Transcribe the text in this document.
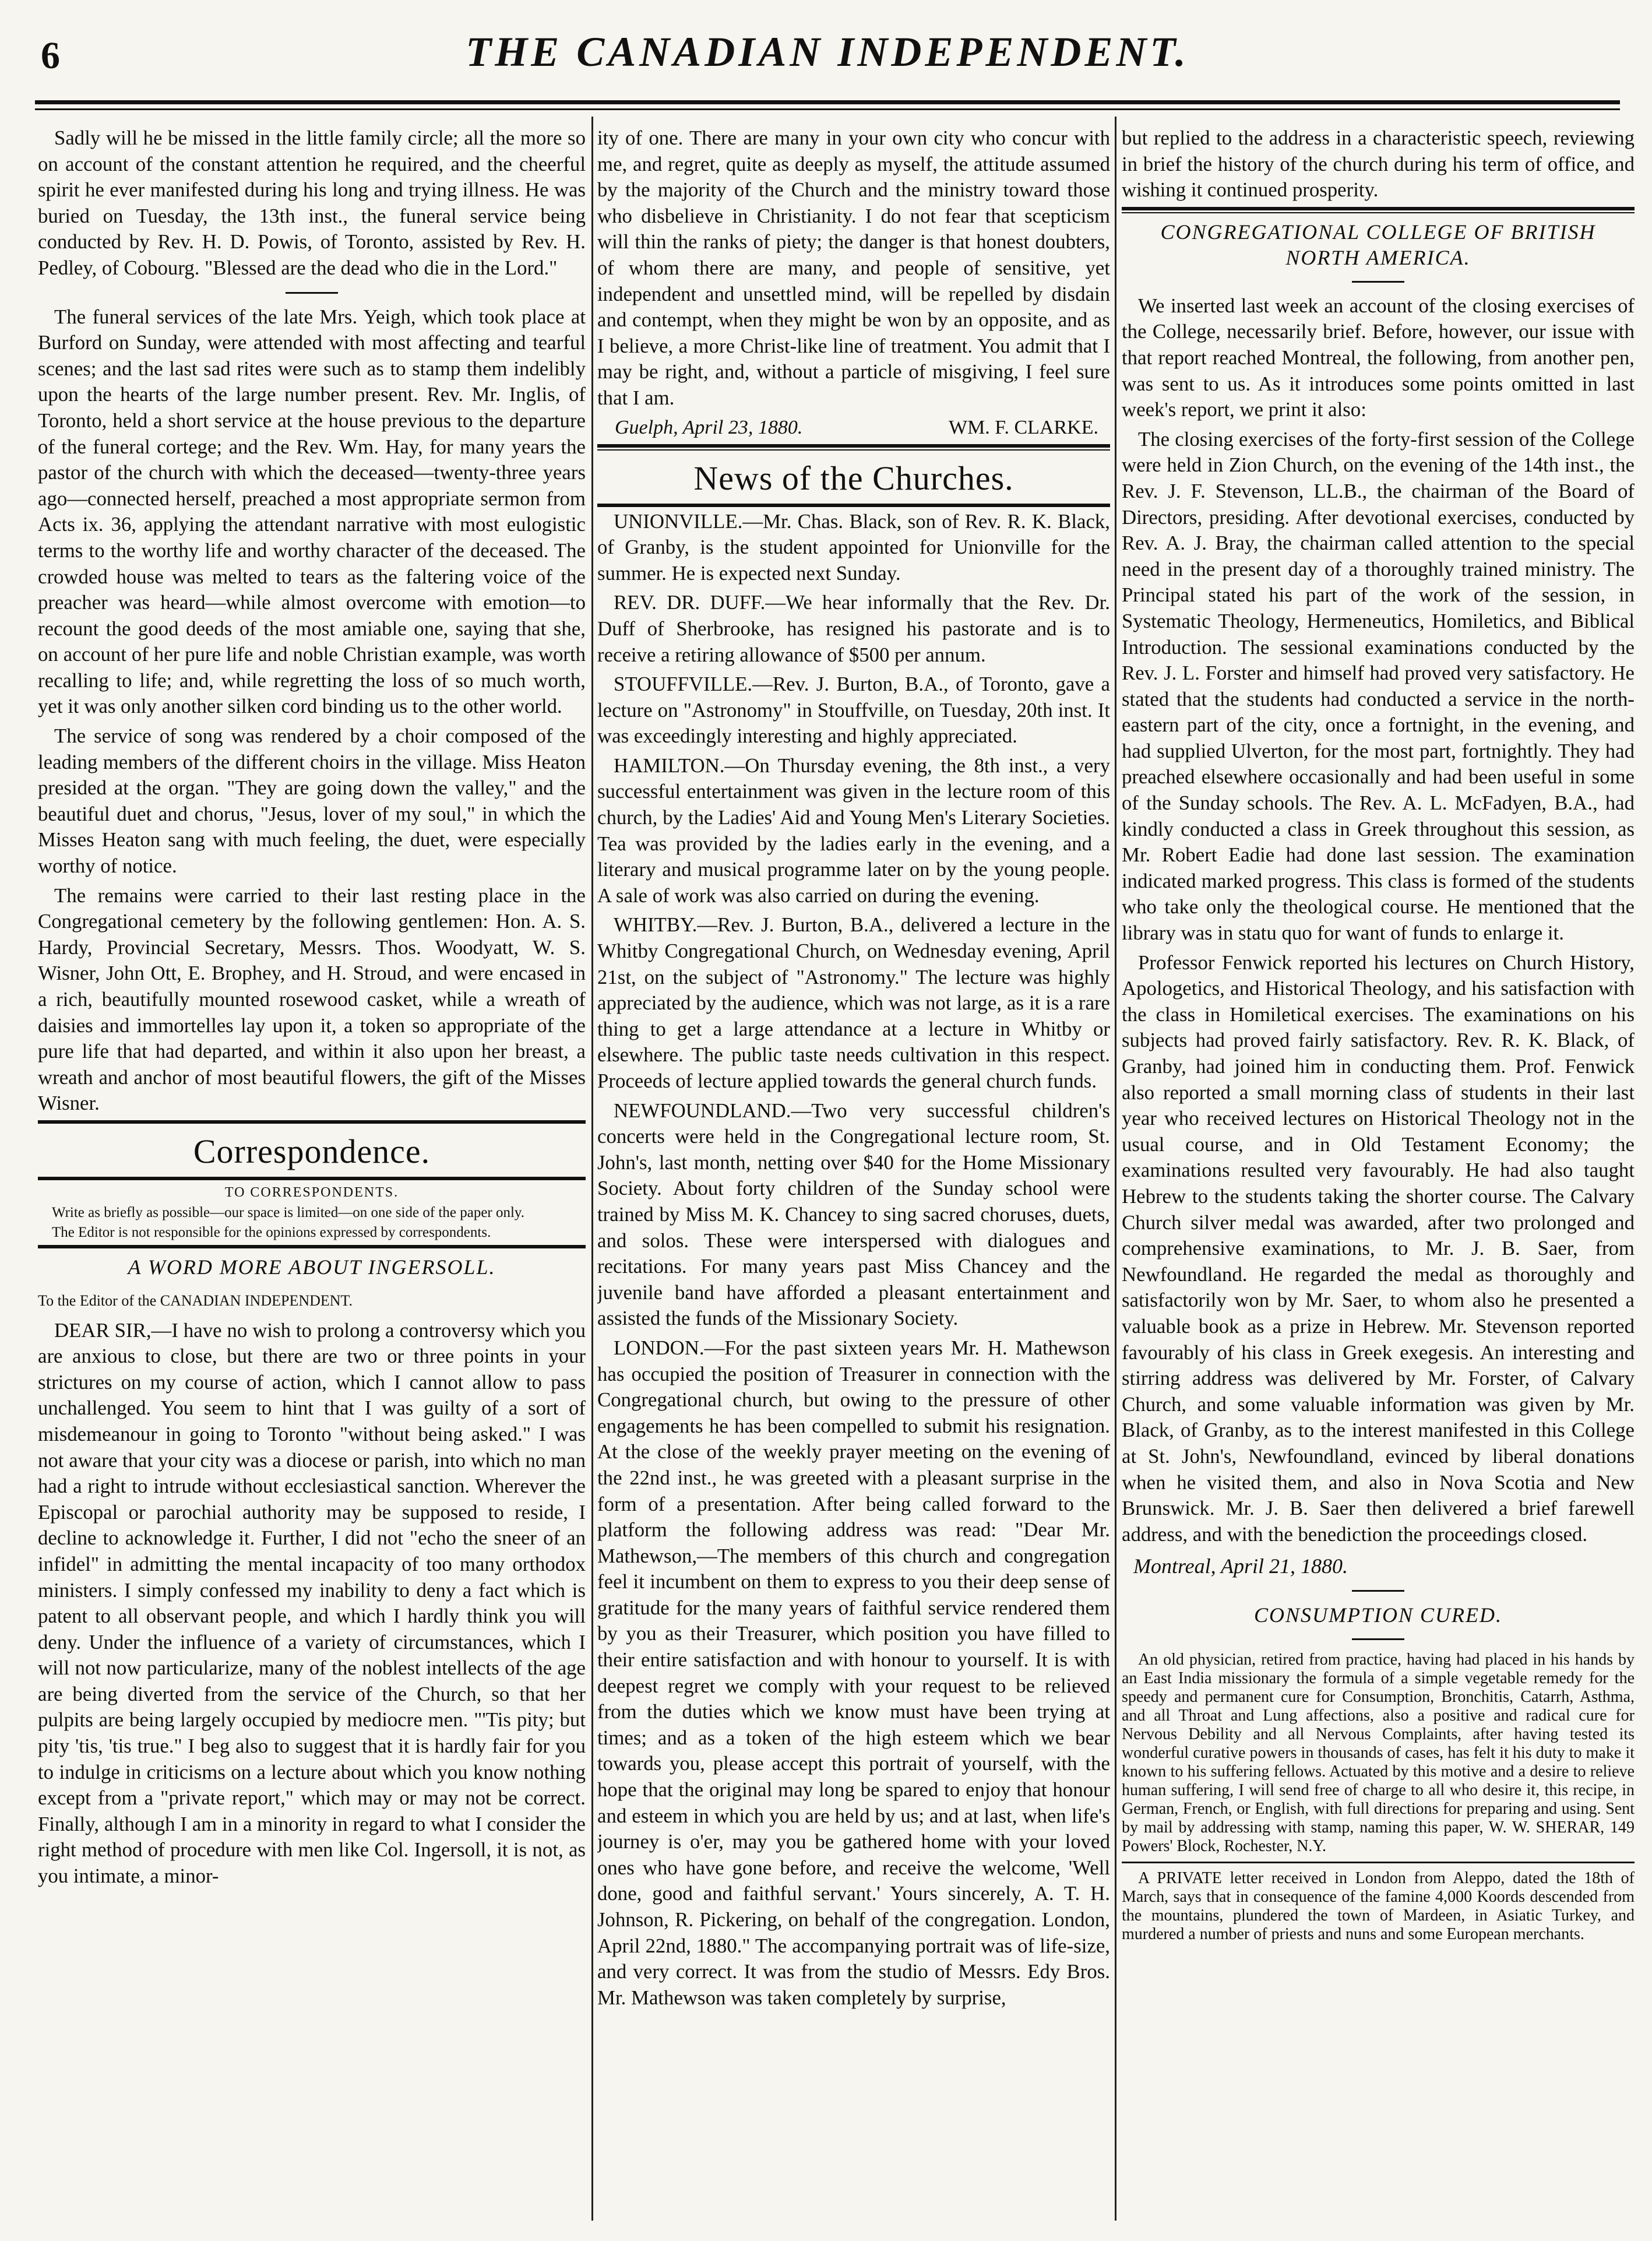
6	THE CANADIAN INDEPENDENT.

Sadly will he be missed in the little family circle; all the more so on account of the constant attention he required, and the cheerful spirit he ever manifested during his long and trying illness. He was buried on Tuesday, the 13th inst., the funeral service being conducted by Rev. H. D. Powis, of Toronto, assisted by Rev. H. Pedley, of Cobourg. "Blessed are the dead who die in the Lord."

The funeral services of the late Mrs. Yeigh, which took place at Burford on Sunday, were attended with most affecting and tearful scenes; and the last sad rites were such as to stamp them indelibly upon the hearts of the large number present. Rev. Mr. Inglis, of Toronto, held a short service at the house previous to the departure of the funeral cortege; and the Rev. Wm. Hay, for many years the pastor of the church with which the deceased—twenty-three years ago—connected herself, preached a most appropriate sermon from Acts ix. 36, applying the attendant narrative with most eulogistic terms to the worthy life and worthy character of the deceased. The crowded house was melted to tears as the faltering voice of the preacher was heard—while almost overcome with emotion—to recount the good deeds of the most amiable one, saying that she, on account of her pure life and noble Christian example, was worth recalling to life; and, while regretting the loss of so much worth, yet it was only another silken cord binding us to the other world.

The service of song was rendered by a choir composed of the leading members of the different choirs in the village. Miss Heaton presided at the organ. "They are going down the valley," and the beautiful duet and chorus, "Jesus, lover of my soul," in which the Misses Heaton sang with much feeling, the duet, were especially worthy of notice.

The remains were carried to their last resting place in the Congregational cemetery by the following gentlemen: Hon. A. S. Hardy, Provincial Secretary, Messrs. Thos. Woodyatt, W. S. Wisner, John Ott, E. Brophey, and H. Stroud, and were encased in a rich, beautifully mounted rosewood casket, while a wreath of daisies and immortelles lay upon it, a token so appropriate of the pure life that had departed, and within it also upon her breast, a wreath and anchor of most beautiful flowers, the gift of the Misses Wisner.

Correspondence.
TO CORRESPONDENTS.
Write as briefly as possible—our space is limited—on one side of the paper only.
The Editor is not responsible for the opinions expressed by correspondents.
A WORD MORE ABOUT INGERSOLL.

To the Editor of the CANADIAN INDEPENDENT.

DEAR SIR,—I have no wish to prolong a controversy which you are anxious to close, but there are two or three points in your strictures on my course of action, which I cannot allow to pass unchallenged. You seem to hint that I was guilty of a sort of misdemeanour in going to Toronto "without being asked." I was not aware that your city was a diocese or parish, into which no man had a right to intrude without ecclesiastical sanction. Wherever the Episcopal or parochial authority may be supposed to reside, I decline to acknowledge it. Further, I did not "echo the sneer of an infidel" in admitting the mental incapacity of too many orthodox ministers. I simply confessed my inability to deny a fact which is patent to all observant people, and which I hardly think you will deny. Under the influence of a variety of circumstances, which I will not now particularize, many of the noblest intellects of the age are being diverted from the service of the Church, so that her pulpits are being largely occupied by mediocre men. "'Tis pity; but pity 'tis, 'tis true." I beg also to suggest that it is hardly fair for you to indulge in criticisms on a lecture about which you know nothing except from a "private report," which may or may not be correct. Finally, although I am in a minority in regard to what I consider the right method of procedure with men like Col. Ingersoll, it is not, as you intimate, a minor-

ity of one. There are many in your own city who concur with me, and regret, quite as deeply as myself, the attitude assumed by the majority of the Church and the ministry toward those who disbelieve in Christianity. I do not fear that scepticism will thin the ranks of piety; the danger is that honest doubters, of whom there are many, and people of sensitive, yet independent and unsettled mind, will be repelled by disdain and contempt, when they might be won by an opposite, and as I believe, a more Christ-like line of treatment. You admit that I may be right, and, without a particle of misgiving, I feel sure that I am.

Guelph, April 23, 1880.	WM. F. CLARKE.
News of the Churches.

UNIONVILLE.—Mr. Chas. Black, son of Rev. R. K. Black, of Granby, is the student appointed for Unionville for the summer. He is expected next Sunday.

REV. DR. DUFF.—We hear informally that the Rev. Dr. Duff of Sherbrooke, has resigned his pastorate and is to receive a retiring allowance of $500 per annum.

STOUFFVILLE.—Rev. J. Burton, B.A., of Toronto, gave a lecture on "Astronomy" in Stouffville, on Tuesday, 20th inst. It was exceedingly interesting and highly appreciated.

HAMILTON.—On Thursday evening, the 8th inst., a very successful entertainment was given in the lecture room of this church, by the Ladies' Aid and Young Men's Literary Societies. Tea was provided by the ladies early in the evening, and a literary and musical programme later on by the young people. A sale of work was also carried on during the evening.

WHITBY.—Rev. J. Burton, B.A., delivered a lecture in the Whitby Congregational Church, on Wednesday evening, April 21st, on the subject of "Astronomy." The lecture was highly appreciated by the audience, which was not large, as it is a rare thing to get a large attendance at a lecture in Whitby or elsewhere. The public taste needs cultivation in this respect. Proceeds of lecture applied towards the general church funds.

NEWFOUNDLAND.—Two very successful children's concerts were held in the Congregational lecture room, St. John's, last month, netting over $40 for the Home Missionary Society. About forty children of the Sunday school were trained by Miss M. K. Chancey to sing sacred choruses, duets, and solos. These were interspersed with dialogues and recitations. For many years past Miss Chancey and the juvenile band have afforded a pleasant entertainment and assisted the funds of the Missionary Society.

LONDON.—For the past sixteen years Mr. H. Mathewson has occupied the position of Treasurer in connection with the Congregational church, but owing to the pressure of other engagements he has been compelled to submit his resignation. At the close of the weekly prayer meeting on the evening of the 22nd inst., he was greeted with a pleasant surprise in the form of a presentation. After being called forward to the platform the following address was read: "Dear Mr. Mathewson,—The members of this church and congregation feel it incumbent on them to express to you their deep sense of gratitude for the many years of faithful service rendered them by you as their Treasurer, which position you have filled to their entire satisfaction and with honour to yourself. It is with deepest regret we comply with your request to be relieved from the duties which we know must have been trying at times; and as a token of the high esteem which we bear towards you, please accept this portrait of yourself, with the hope that the original may long be spared to enjoy that honour and esteem in which you are held by us; and at last, when life's journey is o'er, may you be gathered home with your loved ones who have gone before, and receive the welcome, 'Well done, good and faithful servant.' Yours sincerely, A. T. H. Johnson, R. Pickering, on behalf of the congregation. London, April 22nd, 1880." The accompanying portrait was of life-size, and very correct. It was from the studio of Messrs. Edy Bros. Mr. Mathewson was taken completely by surprise,

but replied to the address in a characteristic speech, reviewing in brief the history of the church during his term of office, and wishing it continued prosperity.

CONGREGATIONAL COLLEGE OF BRITISH NORTH AMERICA.

We inserted last week an account of the closing exercises of the College, necessarily brief. Before, however, our issue with that report reached Montreal, the following, from another pen, was sent to us. As it introduces some points omitted in last week's report, we print it also:

The closing exercises of the forty-first session of the College were held in Zion Church, on the evening of the 14th inst., the Rev. J. F. Stevenson, LL.B., the chairman of the Board of Directors, presiding. After devotional exercises, conducted by Rev. A. J. Bray, the chairman called attention to the special need in the present day of a thoroughly trained ministry. The Principal stated his part of the work of the session, in Systematic Theology, Hermeneutics, Homiletics, and Biblical Introduction. The sessional examinations conducted by the Rev. J. L. Forster and himself had proved very satisfactory. He stated that the students had conducted a service in the north-eastern part of the city, once a fortnight, in the evening, and had supplied Ulverton, for the most part, fortnightly. They had preached elsewhere occasionally and had been useful in some of the Sunday schools. The Rev. A. L. McFadyen, B.A., had kindly conducted a class in Greek throughout this session, as Mr. Robert Eadie had done last session. The examination indicated marked progress. This class is formed of the students who take only the theological course. He mentioned that the library was in statu quo for want of funds to enlarge it.

Professor Fenwick reported his lectures on Church History, Apologetics, and Historical Theology, and his satisfaction with the class in Homiletical exercises. The examinations on his subjects had proved fairly satisfactory. Rev. R. K. Black, of Granby, had joined him in conducting them. Prof. Fenwick also reported a small morning class of students in their last year who received lectures on Historical Theology not in the usual course, and in Old Testament Economy; the examinations resulted very favourably. He had also taught Hebrew to the students taking the shorter course. The Calvary Church silver medal was awarded, after two prolonged and comprehensive examinations, to Mr. J. B. Saer, from Newfoundland. He regarded the medal as thoroughly and satisfactorily won by Mr. Saer, to whom also he presented a valuable book as a prize in Hebrew. Mr. Stevenson reported favourably of his class in Greek exegesis. An interesting and stirring address was delivered by Mr. Forster, of Calvary Church, and some valuable information was given by Mr. Black, of Granby, as to the interest manifested in this College at St. John's, Newfoundland, evinced by liberal donations when he visited them, and also in Nova Scotia and New Brunswick. Mr. J. B. Saer then delivered a brief farewell address, and with the benediction the proceedings closed.

Montreal, April 21, 1880.

CONSUMPTION CURED.

An old physician, retired from practice, having had placed in his hands by an East India missionary the formula of a simple vegetable remedy for the speedy and permanent cure for Consumption, Bronchitis, Catarrh, Asthma, and all Throat and Lung affections, also a positive and radical cure for Nervous Debility and all Nervous Complaints, after having tested its wonderful curative powers in thousands of cases, has felt it his duty to make it known to his suffering fellows. Actuated by this motive and a desire to relieve human suffering, I will send free of charge to all who desire it, this recipe, in German, French, or English, with full directions for preparing and using. Sent by mail by addressing with stamp, naming this paper, W. W. SHERAR, 149 Powers' Block, Rochester, N.Y.

A PRIVATE letter received in London from Aleppo, dated the 18th of March, says that in consequence of the famine 4,000 Koords descended from the mountains, plundered the town of Mardeen, in Asiatic Turkey, and murdered a number of priests and nuns and some European merchants.
